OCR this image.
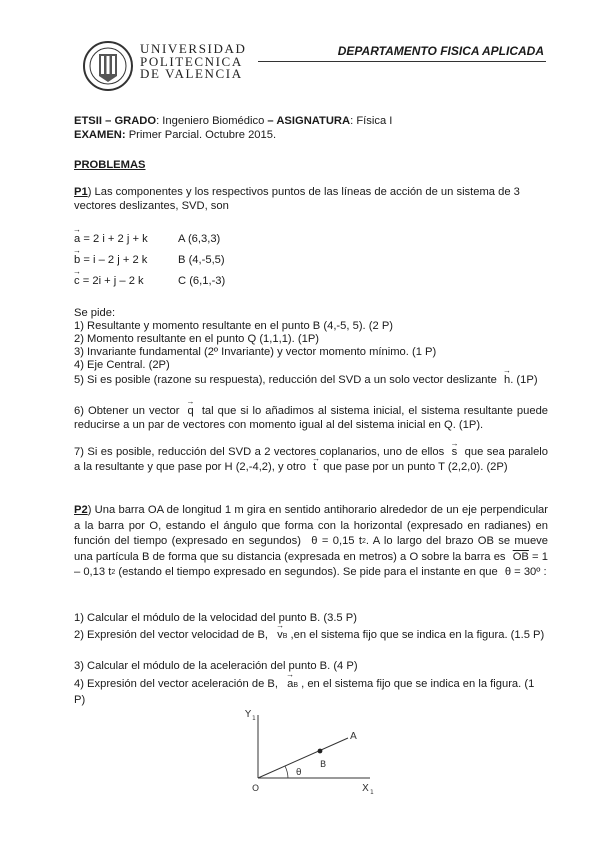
UNIVERSIDAD
POLITECNICA
DE VALENCIA
DEPARTAMENTO FISICA APLICADA
ETSII – GRADO: Ingeniero Biomédico – ASIGNATURA: Física I
EXAMEN: Primer Parcial. Octubre 2015.
PROBLEMAS
P1) Las componentes y los respectivos puntos de las líneas de acción de un sistema de 3 vectores deslizantes, SVD, son
→ a = 2 i + 2 j + k	A (6,3,3)
→ b = i – 2 j + 2 k	B (4,-5,5)
→ c = 2i + j – 2 k	C (6,1,-3)
Se pide:
1) Resultante y momento resultante en el punto B (4,-5, 5). (2 P)
2) Momento resultante en el punto Q (1,1,1). (1P)
3) Invariante fundamental (2º Invariante) y vector momento mínimo. (1 P)
4) Eje Central. (2P)
5) Si es posible (razone su respuesta), reducción del SVD a un solo vector deslizante → h. (1P)
6) Obtener un vector → q tal que si lo añadimos al sistema inicial, el sistema resultante puede reducirse a un par de vectores con momento igual al del sistema inicial en Q. (1P).
7) Si es posible, reducción del SVD a 2 vectores coplanarios, uno de ellos → s que sea paralelo a la resultante y que pase por H (2,-4,2), y otro → t que pase por un punto T (2,2,0). (2P)
P2) Una barra OA de longitud 1 m gira en sentido antihorario alrededor de un eje perpendicular a la barra por O, estando el ángulo que forma con la horizontal (expresado en radianes) en función del tiempo (expresado en segundos) θ = 0,15 $t^2$. A lo largo del brazo OB se mueve una partícula B de forma que su distancia (expresada en metros) a O sobre la barra es $\overline{OB} = 1 - 0,13$ $t^2$ (estando el tiempo expresado en segundos). Se pide para el instante en que θ = 30º :
1) Calcular el módulo de la velocidad del punto B. (3.5 P)
2) Expresión del vector velocidad de B, → vB ,en el sistema fijo que se indica en la figura. (1.5 P)
3) Calcular el módulo de la aceleración del punto B. (4 P)
4) Expresión del vector aceleración de B, → aB , en el sistema fijo que se indica en la figura. (1 P)
Y 1
X 1
O
A
B
θ
